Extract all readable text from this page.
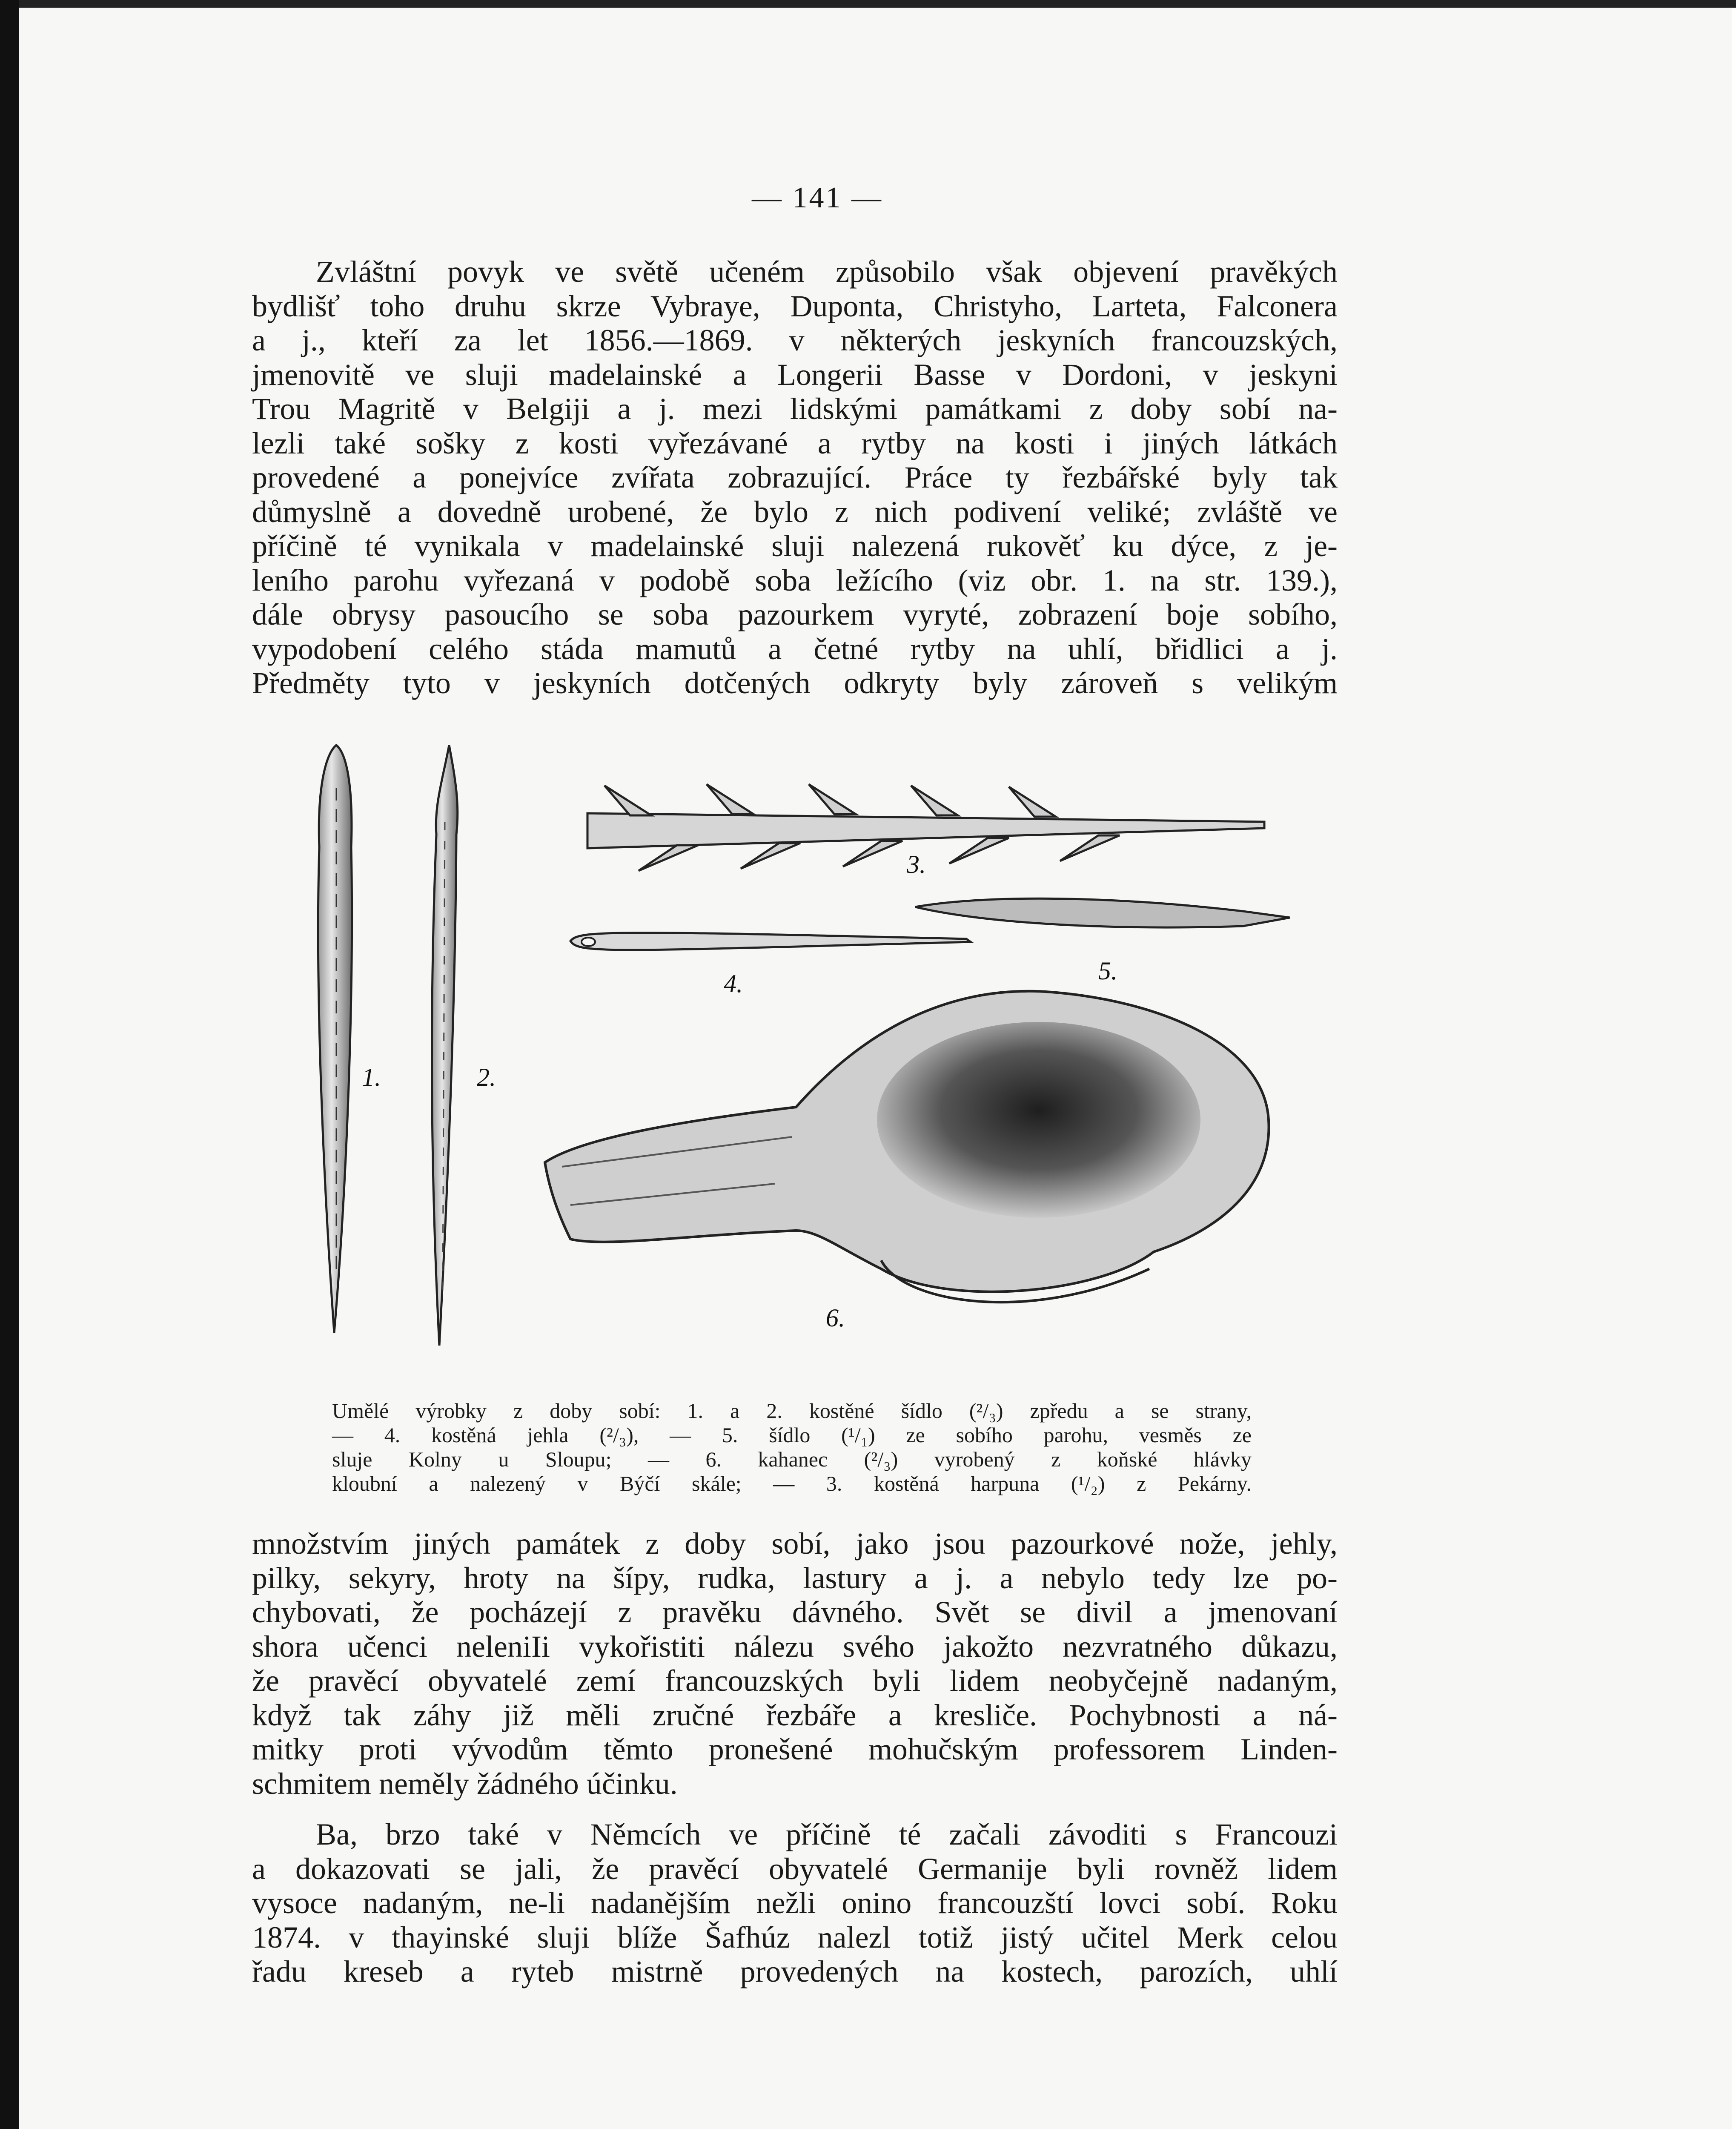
— 141 —
Zvláštní povyk ve světě učeném způsobilo však objevení pravěkých
bydlišť toho druhu skrze Vybraye, Duponta, Christyho, Larteta, Falconera
a j., kteří za let 1856.—1869. v některých jeskyních francouzských,
jmenovitě ve sluji madelainské a Longerii Basse v Dordoni, v jeskyni
Trou Magritě v Belgiji a j. mezi lidskými památkami z doby sobí na-
lezli také sošky z kosti vyřezávané a rytby na kosti i jiných látkách
provedené a ponejvíce zvířata zobrazující. Práce ty řezbářské byly tak
důmyslně a dovedně urobené, že bylo z nich podivení veliké; zvláště ve
příčině té vynikala v madelainské sluji nalezená rukověť ku dýce, z je-
leního parohu vyřezaná v podobě soba ležícího (viz obr. 1. na str. 139.),
dále obrysy pasoucího se soba pazourkem vyryté, zobrazení boje sobího,
vypodobení celého stáda mamutů a četné rytby na uhlí, břidlici a j.
Předměty tyto v jeskyních dotčených odkryty byly zároveň s velikým
1.	2.
3.
4.	5.
6.
Umělé výrobky z doby sobí: 1. a 2. kostěné šídlo (²/₃) zpředu a se strany,
— 4. kostěná jehla (²/₃), — 5. šídlo (¹/₁) ze sobího parohu, vesměs ze
sluje Kolny u Sloupu; — 6. kahanec (²/₃) vyrobený z koňské hlávky
kloubní a nalezený v Býčí skále; — 3. kostěná harpuna (¹/₂) z Pekárny.
množstvím jiných památek z doby sobí, jako jsou pazourkové nože, jehly,
pilky, sekyry, hroty na šípy, rudka, lastury a j. a nebylo tedy lze po-
chybovati, že pocházejí z pravěku dávného. Svět se divil a jmenovaní
shora učenci neleniIi vykořistiti nálezu svého jakožto nezvratného důkazu,
že pravěcí obyvatelé zemí francouzských byli lidem neobyčejně nadaným,
když tak záhy již měli zručné řezbáře a kresliče. Pochybnosti a ná-
mitky proti vývodům těmto pronešené mohučským professorem Linden-
schmitem neměly žádného účinku.
Ba, brzo také v Němcích ve příčině té začali závoditi s Francouzi
a dokazovati se jali, že pravěcí obyvatelé Germanije byli rovněž lidem
vysoce nadaným, ne-li nadanějším nežli onino francouzští lovci sobí. Roku
1874. v thayinské sluji blíže Šafhúz nalezl totiž jistý učitel Merk celou
řadu kreseb a ryteb mistrně provedených na kostech, parozích, uhlí
